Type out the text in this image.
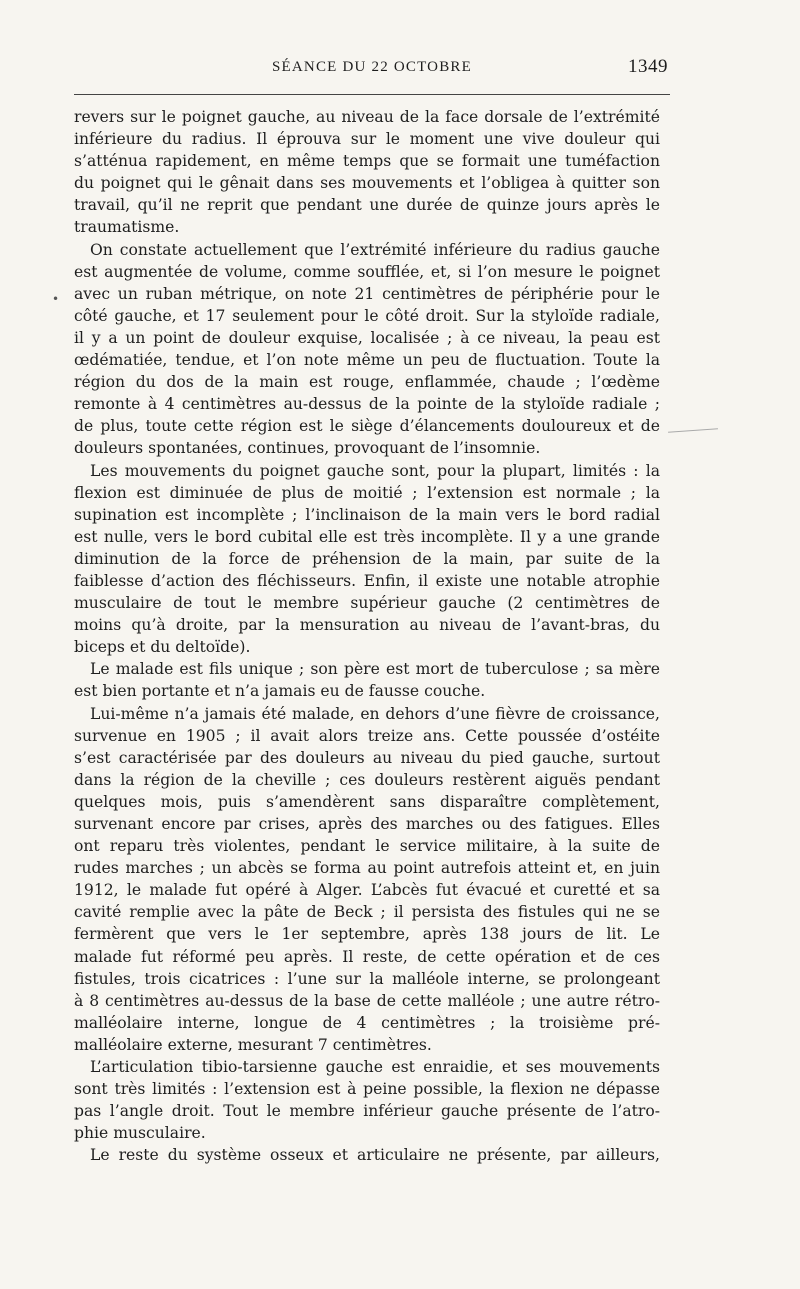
SÉANCE DU 22 OCTOBRE	1349
•
revers sur le poignet gauche, au niveau de la face dorsale de l’extrémité
inférieure du radius. Il éprouva sur le moment une vive douleur qui
s’atténua rapidement, en même temps que se formait une tuméfaction
du poignet qui le gênait dans ses mouvements et l’obligea à quitter son
travail, qu’il ne reprit que pendant une durée de quinze jours après le
traumatisme.
On constate actuellement que l’extrémité inférieure du radius gauche
est augmentée de volume, comme soufflée, et, si l’on mesure le poignet
avec un ruban métrique, on note 21 centimètres de périphérie pour le
côté gauche, et 17 seulement pour le côté droit. Sur la styloïde radiale,
il y a un point de douleur exquise, localisée ; à ce niveau, la peau est
œdématiée, tendue, et l’on note même un peu de fluctuation. Toute la
région du dos de la main est rouge, enflammée, chaude ; l’œdème
remonte à 4 centimètres au-dessus de la pointe de la styloïde radiale ;
de plus, toute cette région est le siège d’élancements douloureux et de
douleurs spontanées, continues, provoquant de l’insomnie.
Les mouvements du poignet gauche sont, pour la plupart, limités : la
flexion est diminuée de plus de moitié ; l’extension est normale ; la
supination est incomplète ; l’inclinaison de la main vers le bord radial
est nulle, vers le bord cubital elle est très incomplète. Il y a une grande
diminution de la force de préhension de la main, par suite de la
faiblesse d’action des fléchisseurs. Enfin, il existe une notable atrophie
musculaire de tout le membre supérieur gauche (2 centimètres de
moins qu’à droite, par la mensuration au niveau de l’avant-bras, du
biceps et du deltoïde).
Le malade est fils unique ; son père est mort de tuberculose ; sa mère
est bien portante et n’a jamais eu de fausse couche.
Lui-même n’a jamais été malade, en dehors d’une fièvre de croissance,
survenue en 1905 ; il avait alors treize ans. Cette poussée d’ostéite
s’est caractérisée par des douleurs au niveau du pied gauche, surtout
dans la région de la cheville ; ces douleurs restèrent aiguës pendant
quelques mois, puis s’amendèrent sans disparaître complètement,
survenant encore par crises, après des marches ou des fatigues. Elles
ont reparu très violentes, pendant le service militaire, à la suite de
rudes marches ; un abcès se forma au point autrefois atteint et, en juin
1912, le malade fut opéré à Alger. L’abcès fut évacué et curetté et sa
cavité remplie avec la pâte de Beck ; il persista des fistules qui ne se
fermèrent que vers le 1er septembre, après 138 jours de lit. Le
malade fut réformé peu après. Il reste, de cette opération et de ces
fistules, trois cicatrices : l’une sur la malléole interne, se prolongeant
à 8 centimètres au-dessus de la base de cette malléole ; une autre rétro-
malléolaire interne, longue de 4 centimètres ; la troisième pré-
malléolaire externe, mesurant 7 centimètres.
L’articulation tibio-tarsienne gauche est enraidie, et ses mouvements
sont très limités : l’extension est à peine possible, la flexion ne dépasse
pas l’angle droit. Tout le membre inférieur gauche présente de l’atro-
phie musculaire.
Le reste du système osseux et articulaire ne présente, par ailleurs,
